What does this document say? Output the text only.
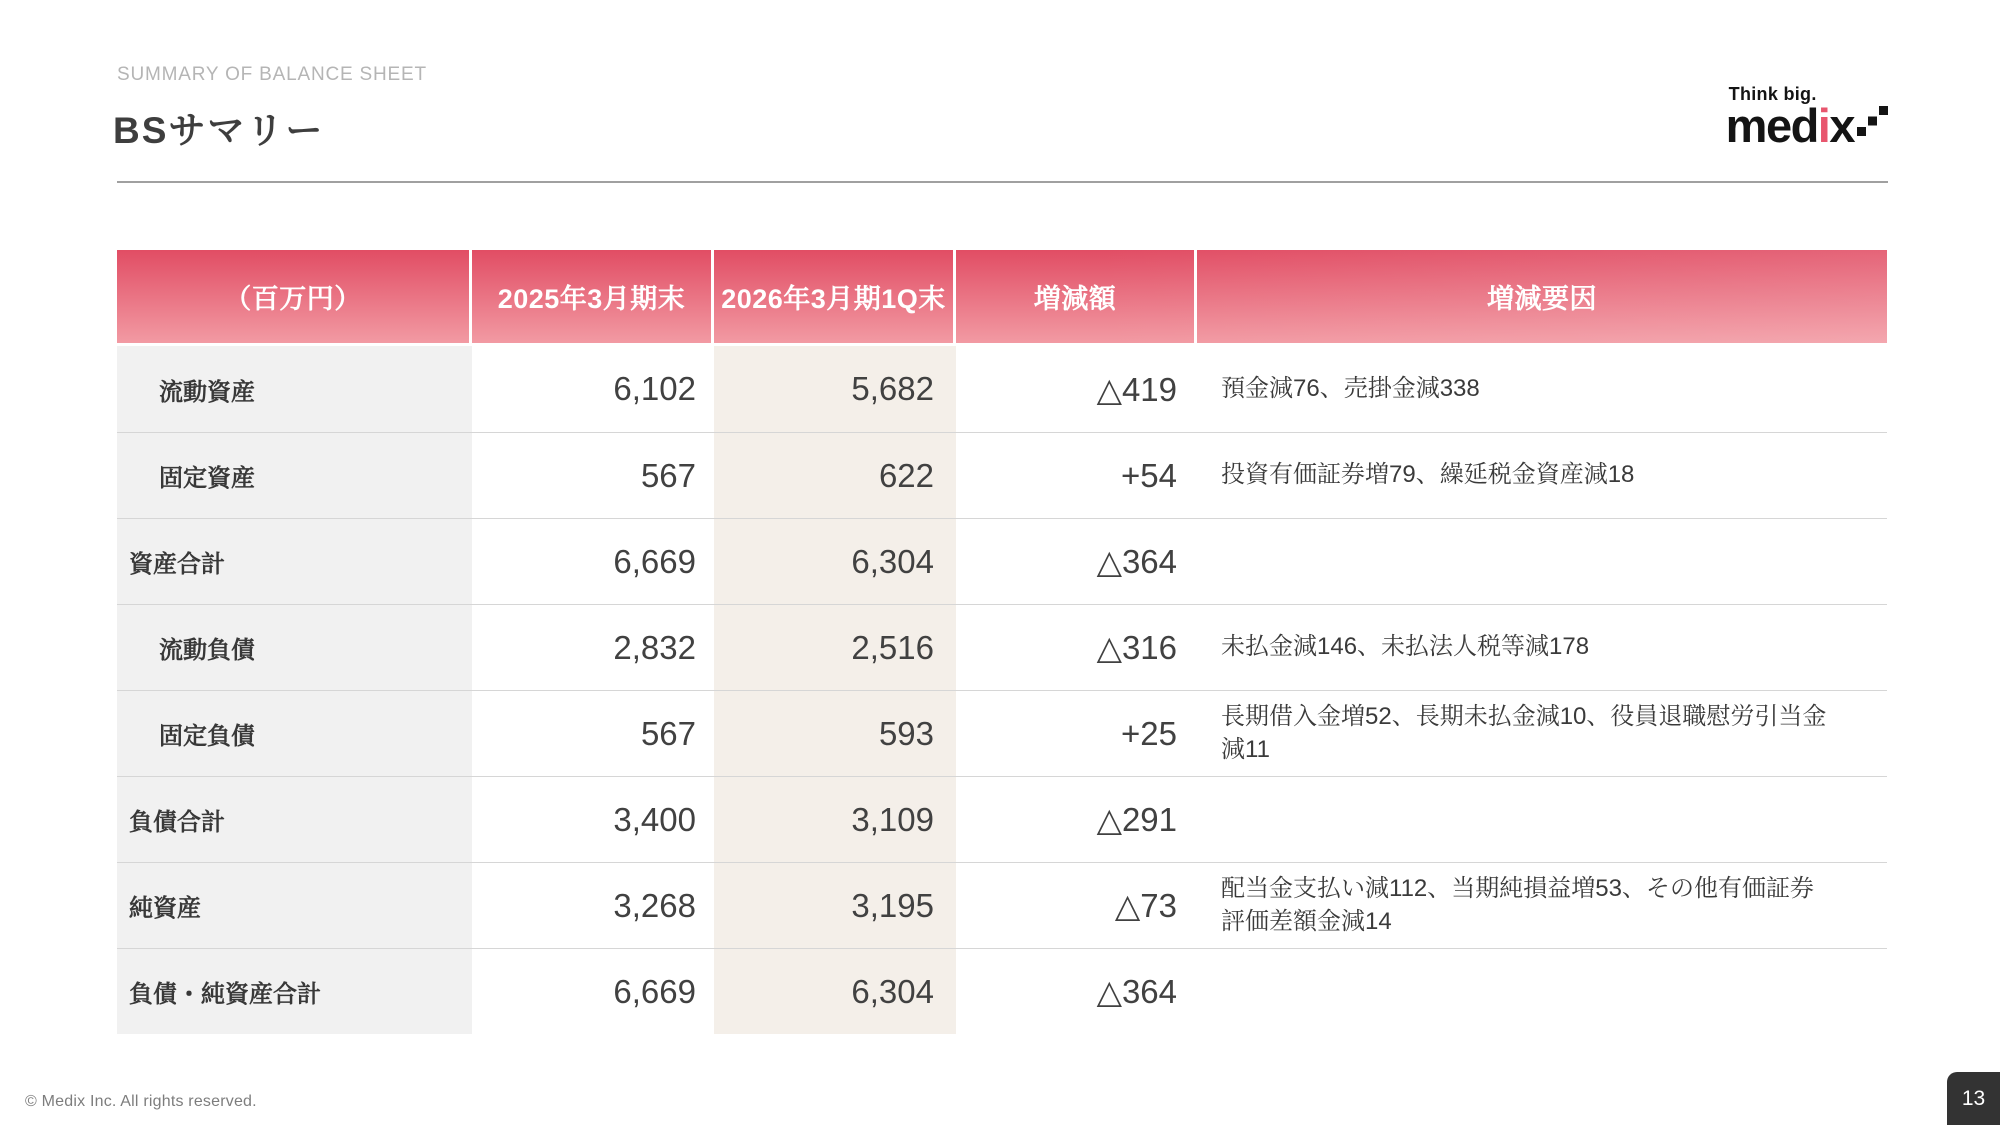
SUMMARY OF BALANCE SHEET
BSサマリー
Think big.
medix
（百万円）	2025年3月期末	2026年3月期1Q末	増減額	増減要因
流動資産	6,102	5,682	△419	預金減76、売掛金減338
固定資産	567	622	+54	投資有価証券増79、繰延税金資産減18
資産合計	6,669	6,304	△364
流動負債	2,832	2,516	△316	未払金減146、未払法人税等減178
固定負債	567	593	+25	長期借入金増52、長期未払金減10、役員退職慰労引当金減11
負債合計	3,400	3,109	△291
純資産	3,268	3,195	△73	配当金支払い減112、当期純損益増53、その他有価証券評価差額金減14
負債・純資産合計	6,669	6,304	△364
© Medix Inc. All rights reserved.	13
